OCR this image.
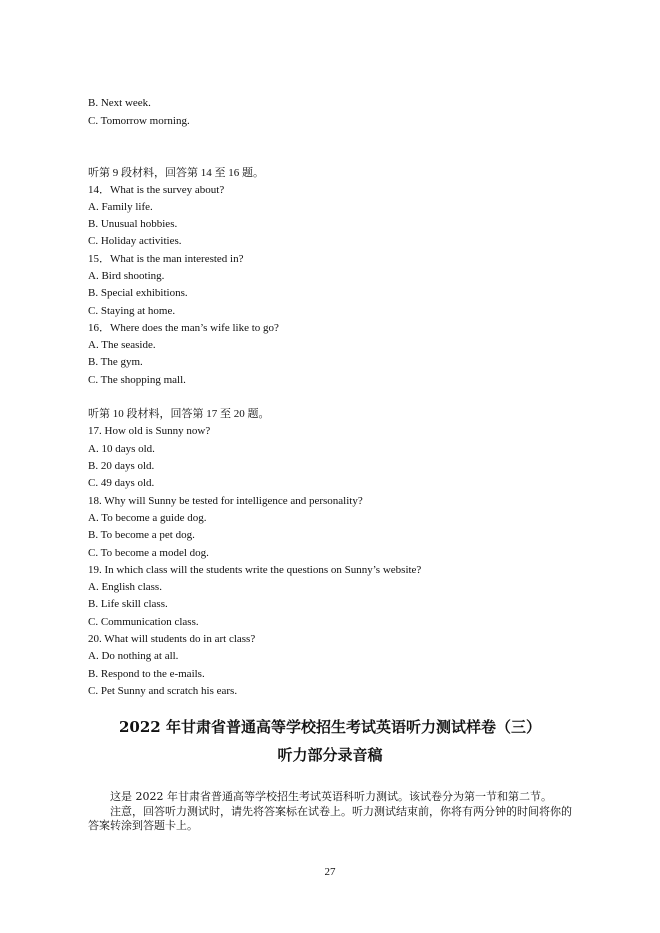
B. Next week.
C. Tomorrow morning.
听第 9 段材料，回答第 14 至 16 题。
14．What is the survey about?
A. Family life.
B. Unusual hobbies.
C. Holiday activities.
15．What is the man interested in?
A. Bird shooting.
B. Special exhibitions.
C. Staying at home.
16．Where does the man’s wife like to go?
A. The seaside.
B. The gym.
C. The shopping mall.
听第 10 段材料，回答第 17 至 20 题。
17. How old is Sunny now?
A. 10 days old.
B. 20 days old.
C. 49 days old.
18. Why will Sunny be tested for intelligence and personality?
A. To become a guide dog.
B. To become a pet dog.
C. To become a model dog.
19. In which class will the students write the questions on Sunny’s website?
A. English class.
B. Life skill class.
C. Communication class.
20. What will students do in art class?
A. Do nothing at all.
B. Respond to the e-mails.
C. Pet Sunny and scratch his ears.
2022 年甘肃省普通高等学校招生考试英语听力测试样卷（三）
听力部分录音稿
这是 2022 年甘肃省普通高等学校招生考试英语科听力测试。该试卷分为第一节和第二节。
注意，回答听力测试时，请先将答案标在试卷上。听力测试结束前，你将有两分钟的时间将你的答案转涂到答题卡上。
27
